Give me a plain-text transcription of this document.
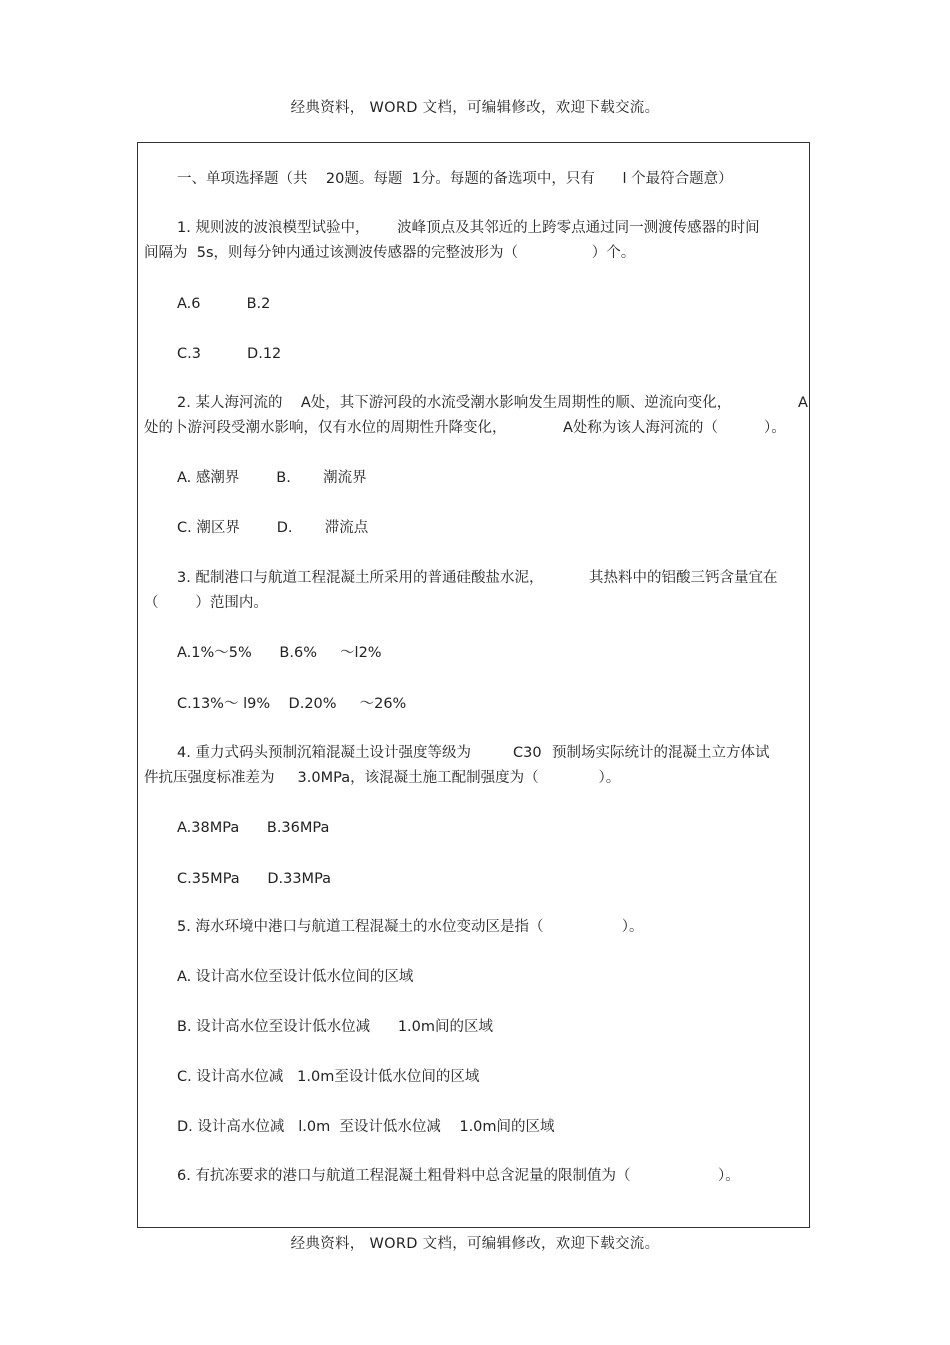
经典资料， WORD 文档，可编辑修改，欢迎下载交流。
一、单项选择题（共    20题。每题  1分。每题的备选项中，只有      l 个最符合题意）
1. 规则波的波浪模型试验中，      波峰顶点及其邻近的上跨零点通过同一测渡传感器的时间
间隔为  5s，则每分钟内通过该测波传感器的完整波形为（                ）个。
A.6          B.2
C.3          D.12
2. 某人海河流的    A处，其下游河段的水流受潮水影响发生周期性的顺、逆流向变化，	A
处的卜游河段受潮水影响，仅有水位的周期性升降变化，	A处称为该人海河流的（          ）。
A. 感潮界        B.       潮流界
C. 潮区界        D.       滞流点
3. 配制港口与航道工程混凝土所采用的普通硅酸盐水泥，	其热料中的铝酸三钙含量宜在
（        ）范围内。
A.1%～5%      B.6%     ～l2%
C.13%～ l9%    D.20%     ～26%
4. 重力式码头预制沉箱混凝土设计强度等级为	C30 预制场实际统计的混凝土立方体试
件抗压强度标准差为     3.0MPa，该混凝土施工配制强度为（             ）。
A.38MPa      B.36MPa
C.35MPa      D.33MPa
5. 海水环境中港口与航道工程混凝土的水位变动区是指（                 ）。
A. 设计高水位至设计低水位间的区域
B. 设计高水位至设计低水位减      1.0m间的区域
C. 设计高水位减   1.0m至设计低水位间的区域
D. 设计高水位减   l.0m  至设计低水位减    1.0m间的区域
6. 有抗冻要求的港口与航道工程混凝土粗骨料中总含泥量的限制值为（                   ）。
经典资料， WORD 文档，可编辑修改，欢迎下载交流。
